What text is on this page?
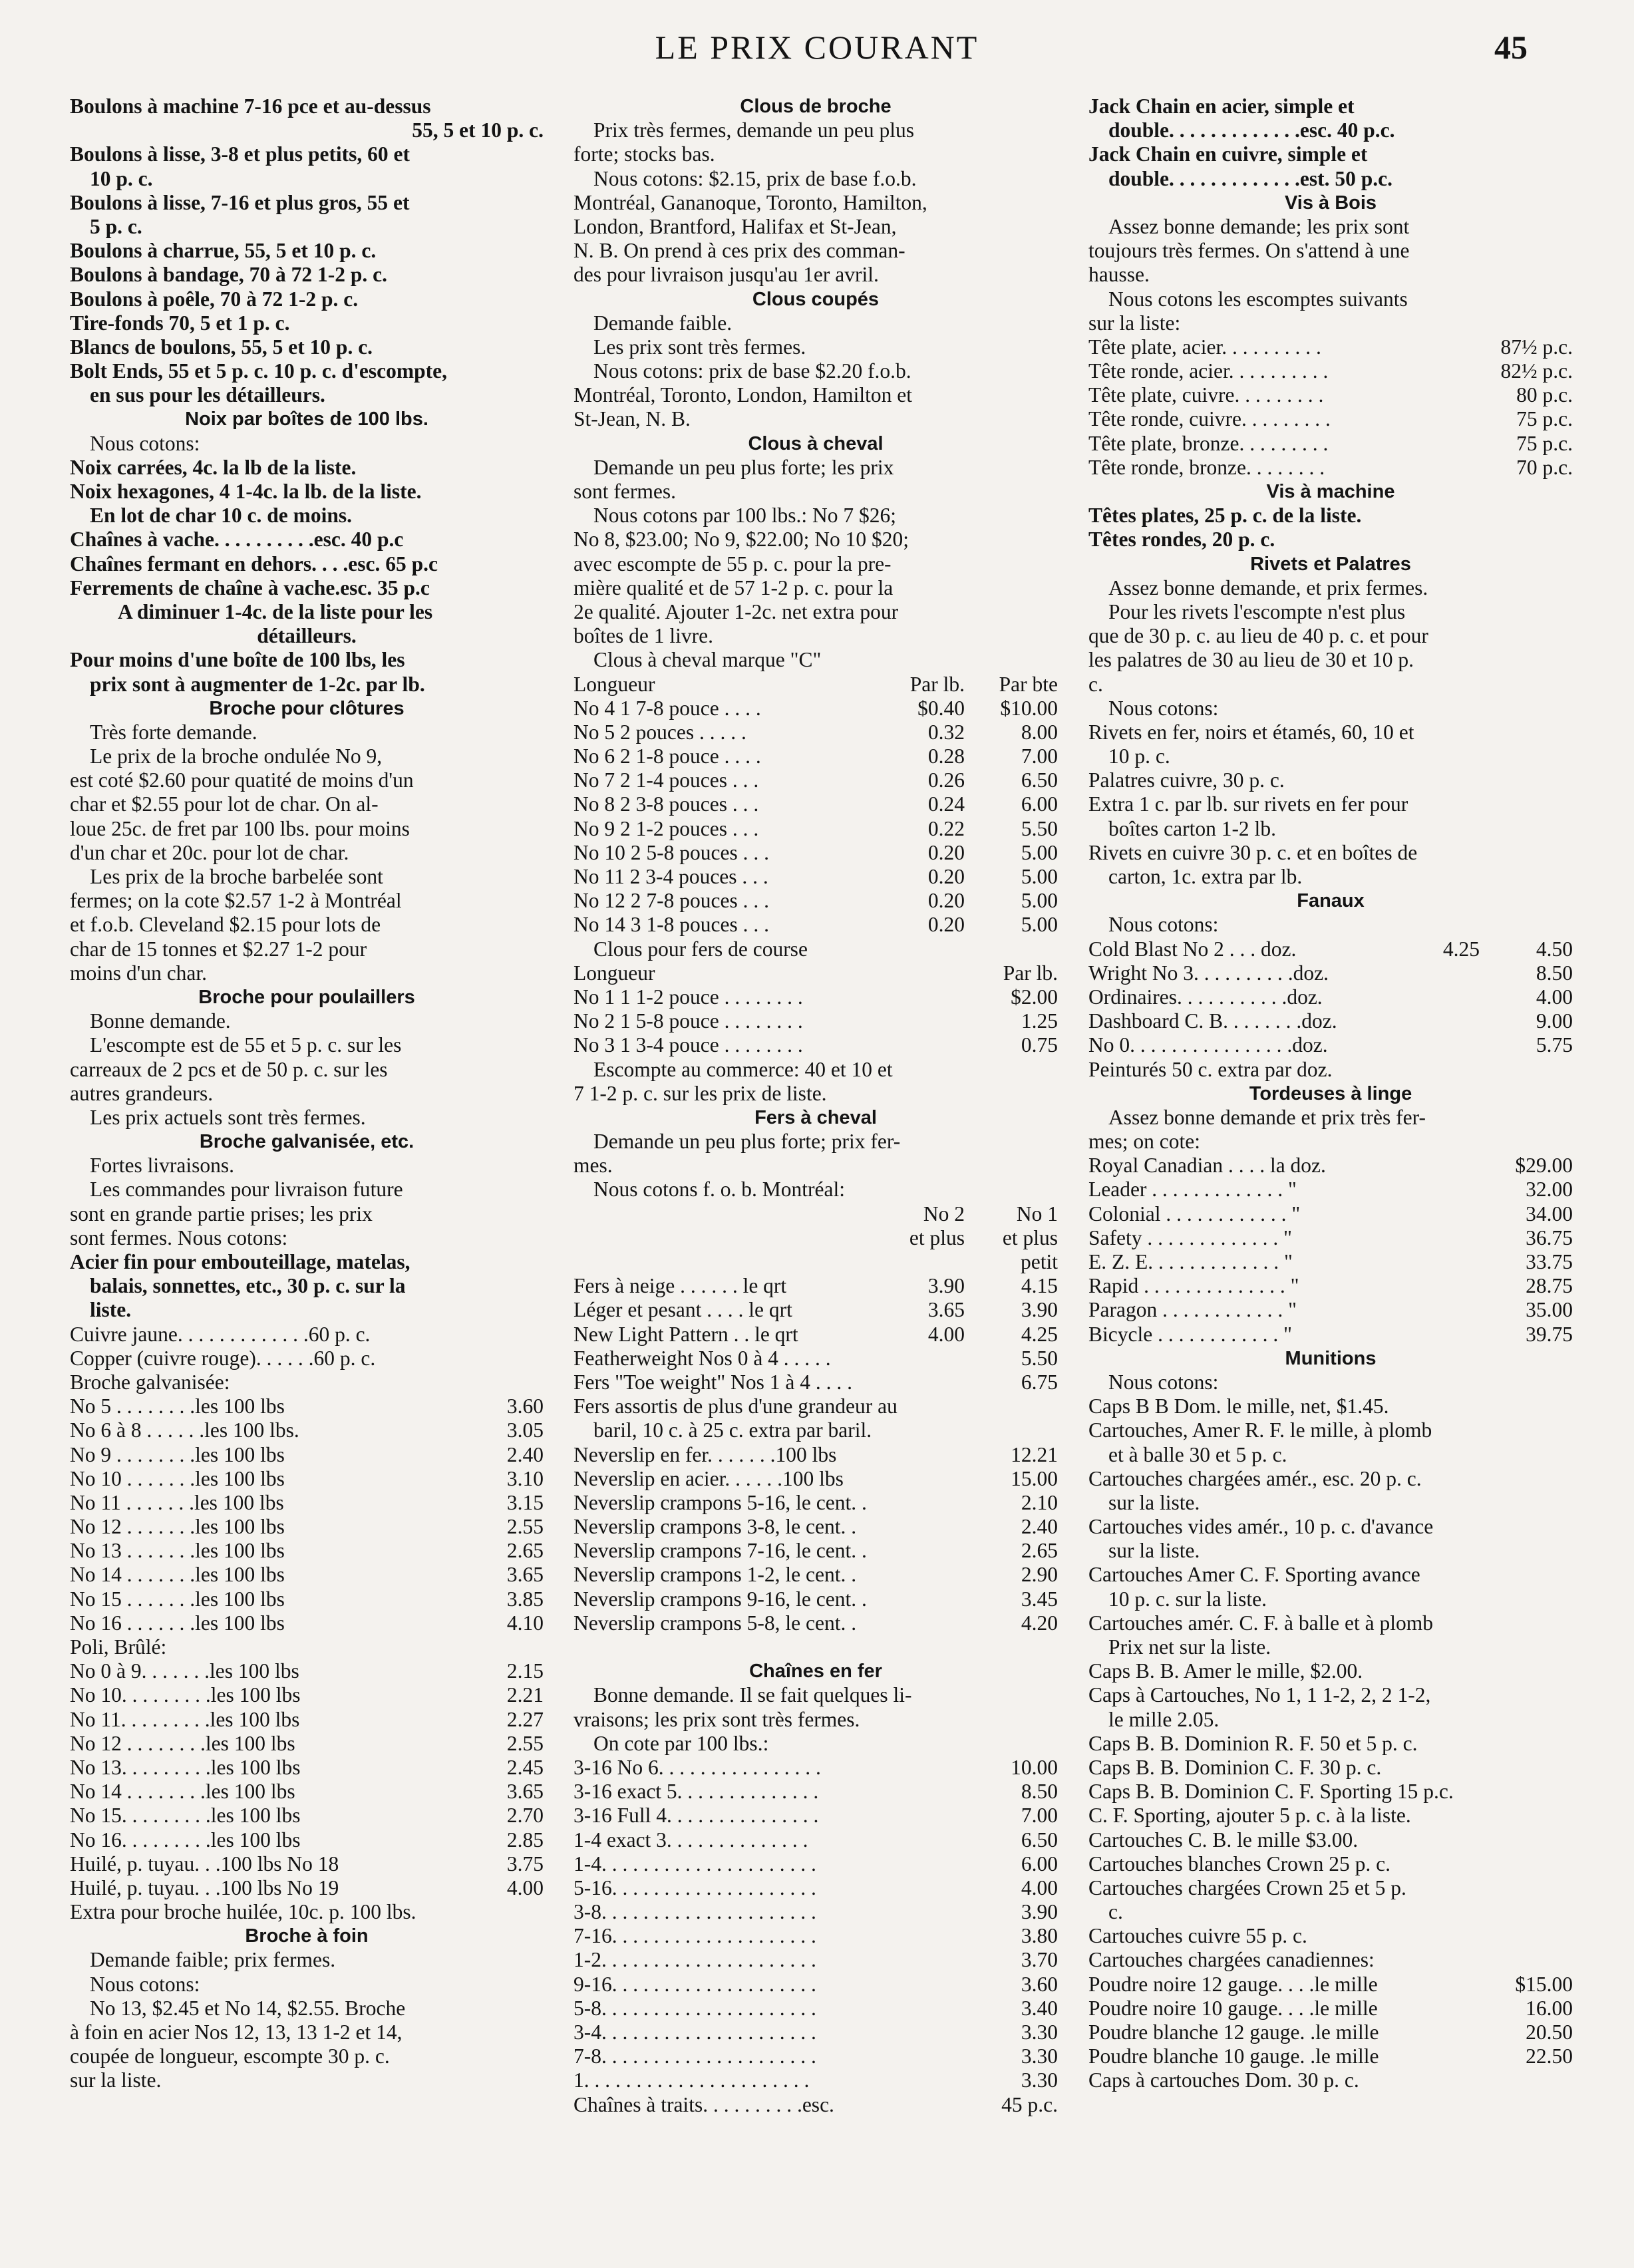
LE PRIX COURANT	45
Boulons à machine 7-16 pce et au-dessus
55, 5 et 10 p. c.
Boulons à lisse, 3-8 et plus petits, 60 et
10 p. c.
Boulons à lisse, 7-16 et plus gros, 55 et
5 p. c.
Boulons à charrue, 55, 5 et 10 p. c.
Boulons à bandage, 70 à 72 1-2 p. c.
Boulons à poêle, 70 à 72 1-2 p. c.
Tire-fonds 70, 5 et 1 p. c.
Blancs de boulons, 55, 5 et 10 p. c.
Bolt Ends, 55 et 5 p. c. 10 p. c. d'escompte,
en sus pour les détailleurs.
Noix par boîtes de 100 lbs.
Nous cotons:
Noix carrées, 4c. la lb de la liste.
Noix hexagones, 4 1-4c. la lb. de la liste.
En lot de char 10 c. de moins.
Chaînes à vache. . . . . . . . . .esc. 40 p.c
Chaînes fermant en dehors. . . .esc. 65 p.c
Ferrements de chaîne à vache.esc. 35 p.c
A diminuer 1-4c. de la liste pour les
détailleurs.
Pour moins d'une boîte de 100 lbs, les
prix sont à augmenter de 1-2c. par lb.
Broche pour clôtures
Très forte demande.
Le prix de la broche ondulée No 9,
est coté $2.60 pour quatité de moins d'un
char et $2.55 pour lot de char. On al-
loue 25c. de fret par 100 lbs. pour moins
d'un char et 20c. pour lot de char.
Les prix de la broche barbelée sont
fermes; on la cote $2.57 1-2 à Montréal
et f.o.b. Cleveland $2.15 pour lots de
char de 15 tonnes et $2.27 1-2 pour
moins d'un char.
Broche pour poulaillers
Bonne demande.
L'escompte est de 55 et 5 p. c. sur les
carreaux de 2 pcs et de 50 p. c. sur les
autres grandeurs.
Les prix actuels sont très fermes.
Broche galvanisée, etc.
Fortes livraisons.
Les commandes pour livraison future
sont en grande partie prises; les prix
sont fermes. Nous cotons:
Acier fin pour embouteillage, matelas,
balais, sonnettes, etc., 30 p. c. sur la
liste.
Cuivre jaune. . . . . . . . . . . . .60 p. c.
Copper (cuivre rouge). . . . . .60 p. c.
Broche galvanisée:
No 5 . . . . . . . .les 100 lbs	3.60
No 6 à 8 . . . . . .les 100 lbs.	3.05
No 9 . . . . . . . .les 100 lbs	2.40
No 10 . . . . . . .les 100 lbs	3.10
No 11 . . . . . . .les 100 lbs	3.15
No 12 . . . . . . .les 100 lbs	2.55
No 13 . . . . . . .les 100 lbs	2.65
No 14 . . . . . . .les 100 lbs	3.65
No 15 . . . . . . .les 100 lbs	3.85
No 16 . . . . . . .les 100 lbs	4.10
Poli, Brûlé:
No 0 à 9. . . . . . .les 100 lbs	2.15
No 10. . . . . . . . .les 100 lbs	2.21
No 11. . . . . . . . .les 100 lbs	2.27
No 12 . . . . . . . .les 100 lbs	2.55
No 13. . . . . . . . .les 100 lbs	2.45
No 14 . . . . . . . .les 100 lbs	3.65
No 15. . . . . . . . .les 100 lbs	2.70
No 16. . . . . . . . .les 100 lbs	2.85
Huilé, p. tuyau. . .100 lbs No 18	3.75
Huilé, p. tuyau. . .100 lbs No 19	4.00
Extra pour broche huilée, 10c. p. 100 lbs.
Broche à foin
Demande faible; prix fermes.
Nous cotons:
No 13, $2.45 et No 14, $2.55. Broche
à foin en acier Nos 12, 13, 13 1-2 et 14,
coupée de longueur, escompte 30 p. c.
sur la liste.
Clous de broche
Prix très fermes, demande un peu plus
forte; stocks bas.
Nous cotons: $2.15, prix de base f.o.b.
Montréal, Gananoque, Toronto, Hamilton,
London, Brantford, Halifax et St-Jean,
N. B. On prend à ces prix des comman-
des pour livraison jusqu'au 1er avril.
Clous coupés
Demande faible.
Les prix sont très fermes.
Nous cotons: prix de base $2.20 f.o.b.
Montréal, Toronto, London, Hamilton et
St-Jean, N. B.
Clous à cheval
Demande un peu plus forte; les prix
sont fermes.
Nous cotons par 100 lbs.: No 7 $26;
No 8, $23.00; No 9, $22.00; No 10 $20;
avec escompte de 55 p. c. pour la pre-
mière qualité et de 57 1-2 p. c. pour la
2e qualité. Ajouter 1-2c. net extra pour
boîtes de 1 livre.
Clous à cheval marque "C"
Longueur	Par lb.	Par bte
No 4 1 7-8 pouce . . . .	$0.40	$10.00
No 5 2 pouces . . . . .	0.32	8.00
No 6 2 1-8 pouce . . . .	0.28	7.00
No 7 2 1-4 pouces . . .	0.26	6.50
No 8 2 3-8 pouces . . .	0.24	6.00
No 9 2 1-2 pouces . . .	0.22	5.50
No 10 2 5-8 pouces . . .	0.20	5.00
No 11 2 3-4 pouces . . .	0.20	5.00
No 12 2 7-8 pouces . . .	0.20	5.00
No 14 3 1-8 pouces . . .	0.20	5.00
Clous pour fers de course
Longueur	Par lb.
No 1 1 1-2 pouce . . . . . . . .	$2.00
No 2 1 5-8 pouce . . . . . . . .	1.25
No 3 1 3-4 pouce . . . . . . . .	0.75
Escompte au commerce: 40 et 10 et
7 1-2 p. c. sur les prix de liste.
Fers à cheval
Demande un peu plus forte; prix fer-
mes.
Nous cotons f. o. b. Montréal:
No 2	No 1
et plus	et plus
petit
Fers à neige . . . . . . le qrt	3.90	4.15
Léger et pesant . . . . le qrt	3.65	3.90
New Light Pattern . . le qrt	4.00	4.25
Featherweight Nos 0 à 4 . . . . .	5.50
Fers "Toe weight" Nos 1 à 4 . . . .	6.75
Fers assortis de plus d'une grandeur au
baril, 10 c. à 25 c. extra par baril.
Neverslip en fer. . . . . . .100 lbs	12.21
Neverslip en acier. . . . . .100 lbs	15.00
Neverslip crampons 5-16, le cent. .	2.10
Neverslip crampons 3-8, le cent. .	2.40
Neverslip crampons 7-16, le cent. .	2.65
Neverslip crampons 1-2, le cent. .	2.90
Neverslip crampons 9-16, le cent. .	3.45
Neverslip crampons 5-8, le cent. .	4.20
Chaînes en fer
Bonne demande. Il se fait quelques li-
vraisons; les prix sont très fermes.
On cote par 100 lbs.:
3-16 No 6. . . . . . . . . . . . . . . .	10.00
3-16 exact 5. . . . . . . . . . . . . .	8.50
3-16 Full 4. . . . . . . . . . . . . . .	7.00
1-4 exact 3. . . . . . . . . . . . . .	6.50
1-4. . . . . . . . . . . . . . . . . . . . .	6.00
5-16. . . . . . . . . . . . . . . . . . . .	4.00
3-8. . . . . . . . . . . . . . . . . . . . .	3.90
7-16. . . . . . . . . . . . . . . . . . . .	3.80
1-2. . . . . . . . . . . . . . . . . . . . .	3.70
9-16. . . . . . . . . . . . . . . . . . . .	3.60
5-8. . . . . . . . . . . . . . . . . . . . .	3.40
3-4. . . . . . . . . . . . . . . . . . . . .	3.30
7-8. . . . . . . . . . . . . . . . . . . . .	3.30
1. . . . . . . . . . . . . . . . . . . . . .	3.30
Chaînes à traits. . . . . . . . . .esc.	45 p.c.
Jack Chain en acier, simple et
double. . . . . . . . . . . . .esc. 40 p.c.
Jack Chain en cuivre, simple et
double. . . . . . . . . . . . .est. 50 p.c.
Vis à Bois
Assez bonne demande; les prix sont
toujours très fermes. On s'attend à une
hausse.
Nous cotons les escomptes suivants
sur la liste:
Tête plate, acier. . . . . . . . . .	87½ p.c.
Tête ronde, acier. . . . . . . . . .	82½ p.c.
Tête plate, cuivre. . . . . . . . .	80 p.c.
Tête ronde, cuivre. . . . . . . . .	75 p.c.
Tête plate, bronze. . . . . . . . .	75 p.c.
Tête ronde, bronze. . . . . . . .	70 p.c.
Vis à machine
Têtes plates, 25 p. c. de la liste.
Têtes rondes, 20 p. c.
Rivets et Palatres
Assez bonne demande, et prix fermes.
Pour les rivets l'escompte n'est plus
que de 30 p. c. au lieu de 40 p. c. et pour
les palatres de 30 au lieu de 30 et 10 p.
c.
Nous cotons:
Rivets en fer, noirs et étamés, 60, 10 et
10 p. c.
Palatres cuivre, 30 p. c.
Extra 1 c. par lb. sur rivets en fer pour
boîtes carton 1-2 lb.
Rivets en cuivre 30 p. c. et en boîtes de
carton, 1c. extra par lb.
Fanaux
Nous cotons:
Cold Blast No 2 . . . doz.	4.25	4.50
Wright No 3. . . . . . . . . .doz.	8.50
Ordinaires. . . . . . . . . . .doz.	4.00
Dashboard C. B. . . . . . . .doz.	9.00
No 0. . . . . . . . . . . . . . . .doz.	5.75
Peinturés 50 c. extra par doz.
Tordeuses à linge
Assez bonne demande et prix très fer-
mes; on cote:
Royal Canadian . . . . la doz.	$29.00
Leader . . . . . . . . . . . . . "	32.00
Colonial . . . . . . . . . . . . "	34.00
Safety . . . . . . . . . . . . . "	36.75
E. Z. E. . . . . . . . . . . . . "	33.75
Rapid . . . . . . . . . . . . . . "	28.75
Paragon . . . . . . . . . . . . "	35.00
Bicycle . . . . . . . . . . . . "	39.75
Munitions
Nous cotons:
Caps B B Dom. le mille, net, $1.45.
Cartouches, Amer R. F. le mille, à plomb
et à balle 30 et 5 p. c.
Cartouches chargées amér., esc. 20 p. c.
sur la liste.
Cartouches vides amér., 10 p. c. d'avance
sur la liste.
Cartouches Amer C. F. Sporting avance
10 p. c. sur la liste.
Cartouches amér. C. F. à balle et à plomb
Prix net sur la liste.
Caps B. B. Amer le mille, $2.00.
Caps à Cartouches, No 1, 1 1-2, 2, 2 1-2,
le mille 2.05.
Caps B. B. Dominion R. F. 50 et 5 p. c.
Caps B. B. Dominion C. F. 30 p. c.
Caps B. B. Dominion C. F. Sporting 15 p.c.
C. F. Sporting, ajouter 5 p. c. à la liste.
Cartouches C. B. le mille $3.00.
Cartouches blanches Crown 25 p. c.
Cartouches chargées Crown 25 et 5 p.
c.
Cartouches cuivre 55 p. c.
Cartouches chargées canadiennes:
Poudre noire 12 gauge. . . .le mille	$15.00
Poudre noire 10 gauge. . . .le mille	16.00
Poudre blanche 12 gauge. .le mille	20.50
Poudre blanche 10 gauge. .le mille	22.50
Caps à cartouches Dom. 30 p. c.
